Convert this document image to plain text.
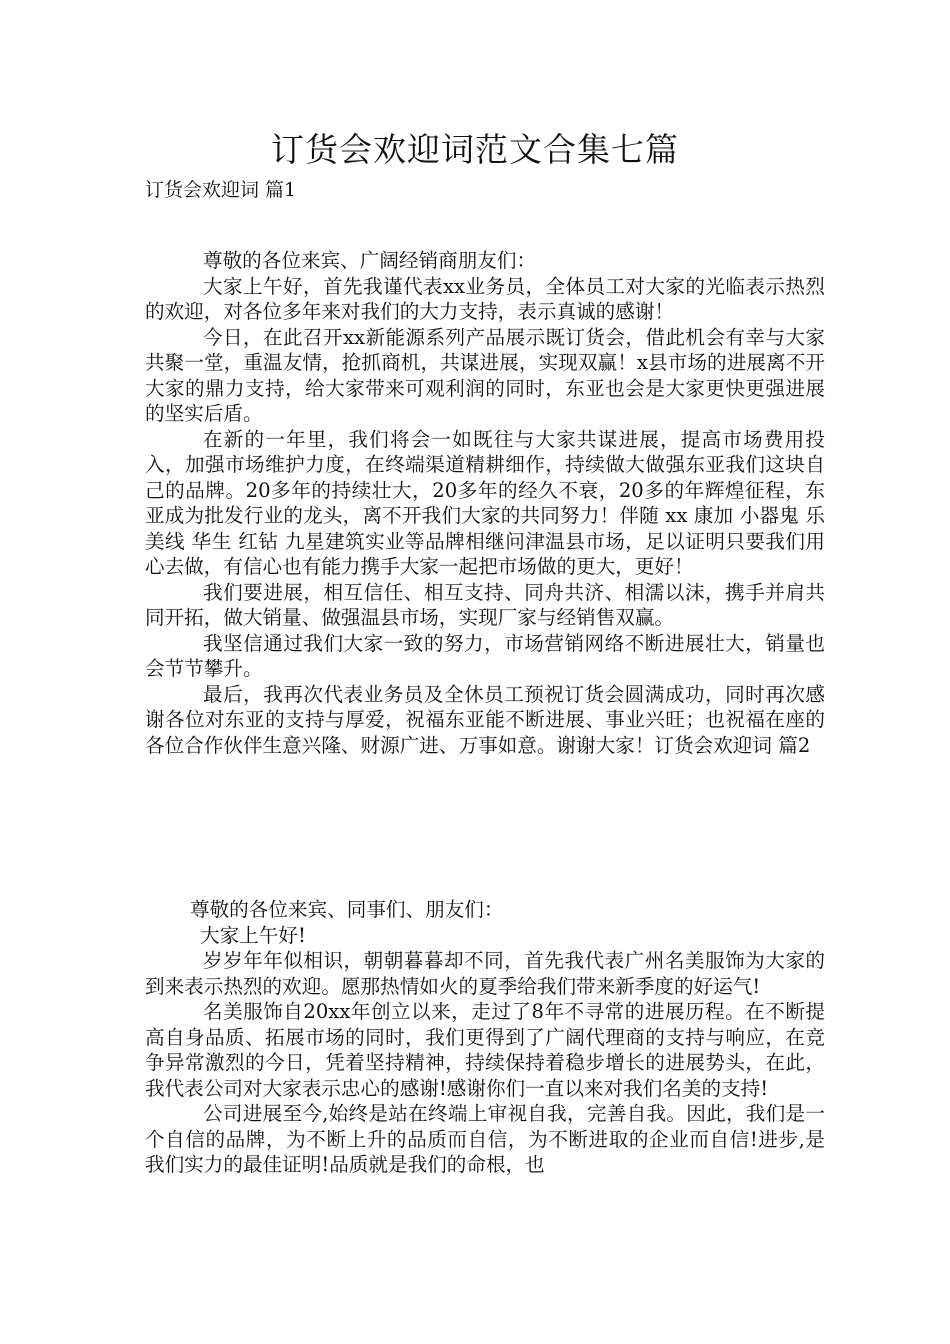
订货会欢迎词范文合集七篇
订货会欢迎词 篇1

尊敬的各位来宾、广阔经销商朋友们：

大家上午好，首先我谨代表xx业务员，全体员工对大家的光临表示热烈的欢迎，对各位多年来对我们的大力支持，表示真诚的感谢！

今日，在此召开xx新能源系列产品展示既订货会，借此机会有幸与大家共聚一堂，重温友情，抢抓商机，共谋进展，实现双赢！x县市场的进展离不开大家的鼎力支持，给大家带来可观利润的同时，东亚也会是大家更快更强进展的坚实后盾。

在新的一年里，我们将会一如既往与大家共谋进展，提高市场费用投入，加强市场维护力度，在终端渠道精耕细作，持续做大做强东亚我们这块自己的品牌。20多年的持续壮大，20多年的经久不衰，20多的年辉煌征程，东亚成为批发行业的龙头，离不开我们大家的共同努力！伴随 xx 康加 小器鬼 乐美线 华生 红钻 九星建筑实业等品牌相继问津温县市场，足以证明只要我们用心去做，有信心也有能力携手大家一起把市场做的更大，更好！

我们要进展，相互信任、相互支持、同舟共济、相濡以沫，携手并肩共同开拓，做大销量、做强温县市场，实现厂家与经销售双赢。

我坚信通过我们大家一致的努力，市场营销网络不断进展壮大，销量也会节节攀升。

最后，我再次代表业务员及全休员工预祝订货会圆满成功，同时再次感谢各位对东亚的支持与厚爱，祝福东亚能不断进展、事业兴旺；也祝福在座的各位合作伙伴生意兴隆、财源广进、万事如意。谢谢大家！订货会欢迎词 篇2

尊敬的各位来宾、同事们、朋友们：

大家上午好!

岁岁年年似相识，朝朝暮暮却不同，首先我代表广州名美服饰为大家的到来表示热烈的欢迎。愿那热情如火的夏季给我们带来新季度的好运气!

名美服饰自20xx年创立以来，走过了8年不寻常的进展历程。在不断提高自身品质、拓展市场的同时，我们更得到了广阔代理商的支持与响应，在竞争异常激烈的今日，凭着坚持精神，持续保持着稳步增长的进展势头，在此，我代表公司对大家表示忠心的感谢!感谢你们一直以来对我们名美的支持!

公司进展至今,始终是站在终端上审视自我，完善自我。因此，我们是一个自信的品牌，为不断上升的品质而自信，为不断进取的企业而自信!进步,是我们实力的最佳证明!品质就是我们的命根，也
